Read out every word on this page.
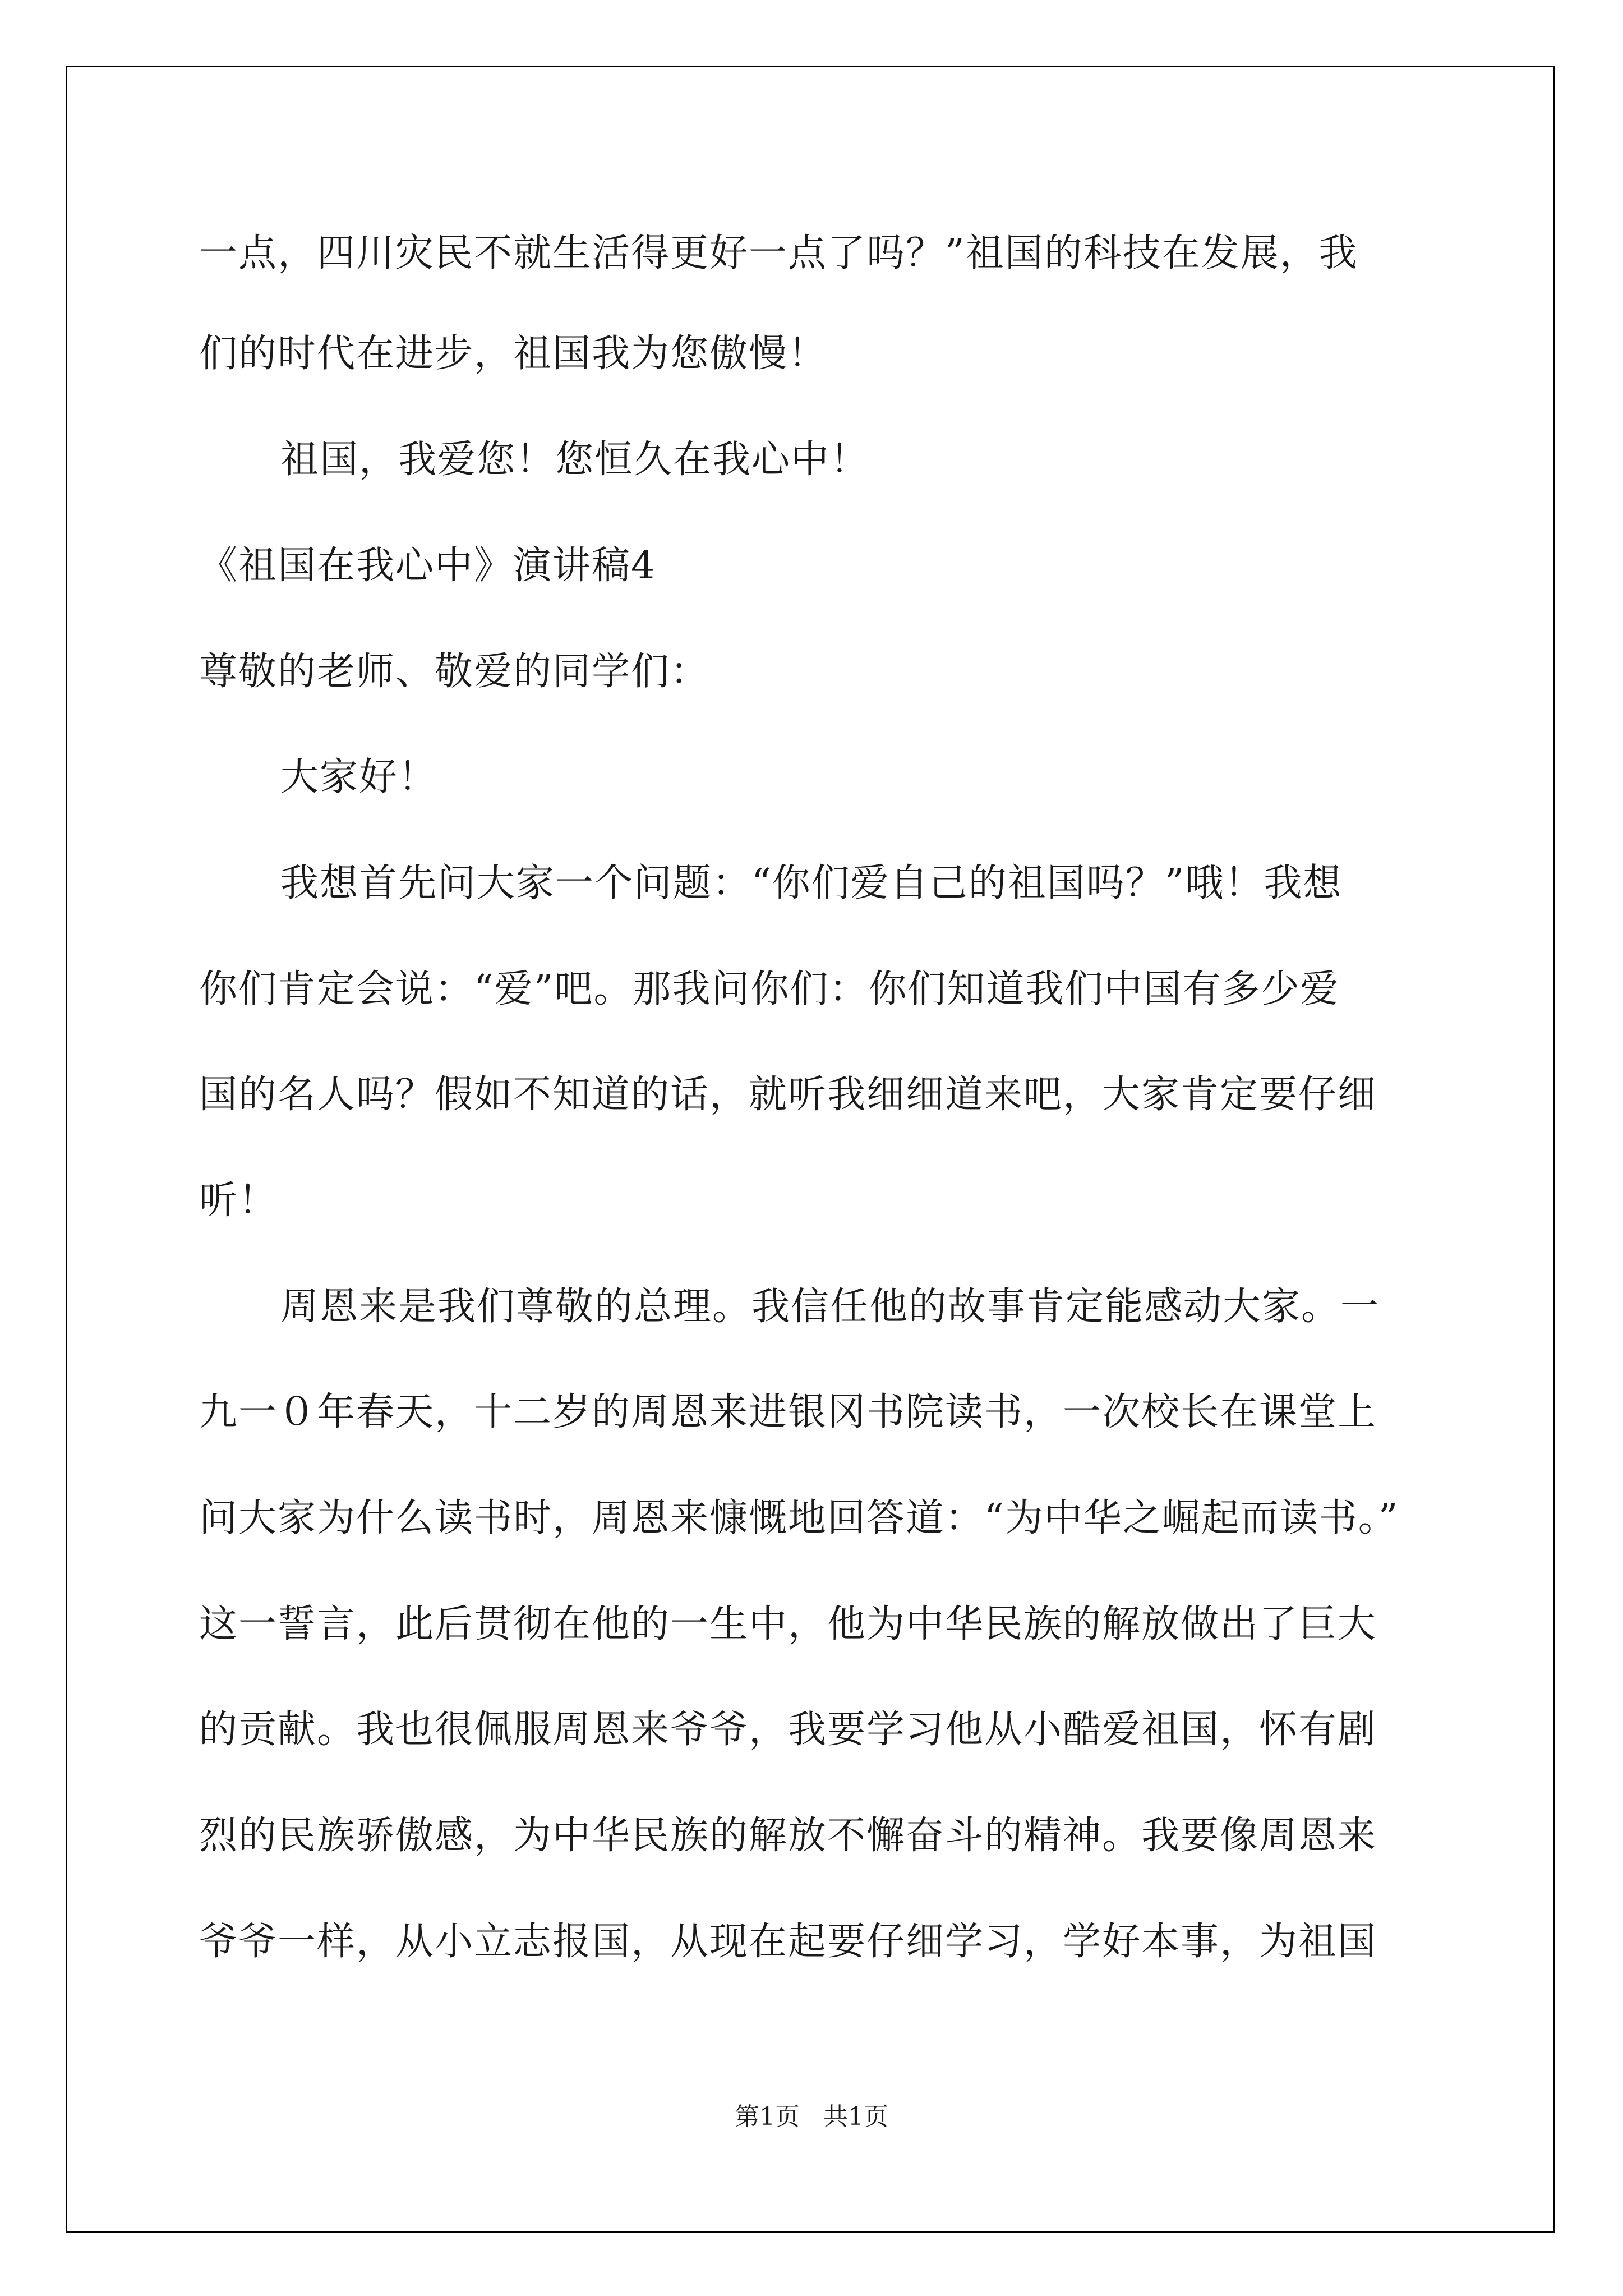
一点，四川灾民不就生活得更好一点了吗？”祖国的科技在发展，我

们的时代在进步，祖国我为您傲慢！

祖国，我爱您！您恒久在我心中！

《祖国在我心中》演讲稿4

尊敬的老师、敬爱的同学们：

大家好！

我想首先问大家一个问题：“你们爱自己的祖国吗？”哦！我想

你们肯定会说：“爱”吧。那我问你们：你们知道我们中国有多少爱

国的名人吗？假如不知道的话，就听我细细道来吧，大家肯定要仔细

听！

周恩来是我们尊敬的总理。我信任他的故事肯定能感动大家。一

九一０年春天，十二岁的周恩来进银冈书院读书，一次校长在课堂上

问大家为什么读书时，周恩来慷慨地回答道：“为中华之崛起而读书。”

这一誓言，此后贯彻在他的一生中，他为中华民族的解放做出了巨大

的贡献。我也很佩服周恩来爷爷，我要学习他从小酷爱祖国，怀有剧

烈的民族骄傲感，为中华民族的解放不懈奋斗的精神。我要像周恩来

爷爷一样，从小立志报国，从现在起要仔细学习，学好本事，为祖国

第1页   共1页
